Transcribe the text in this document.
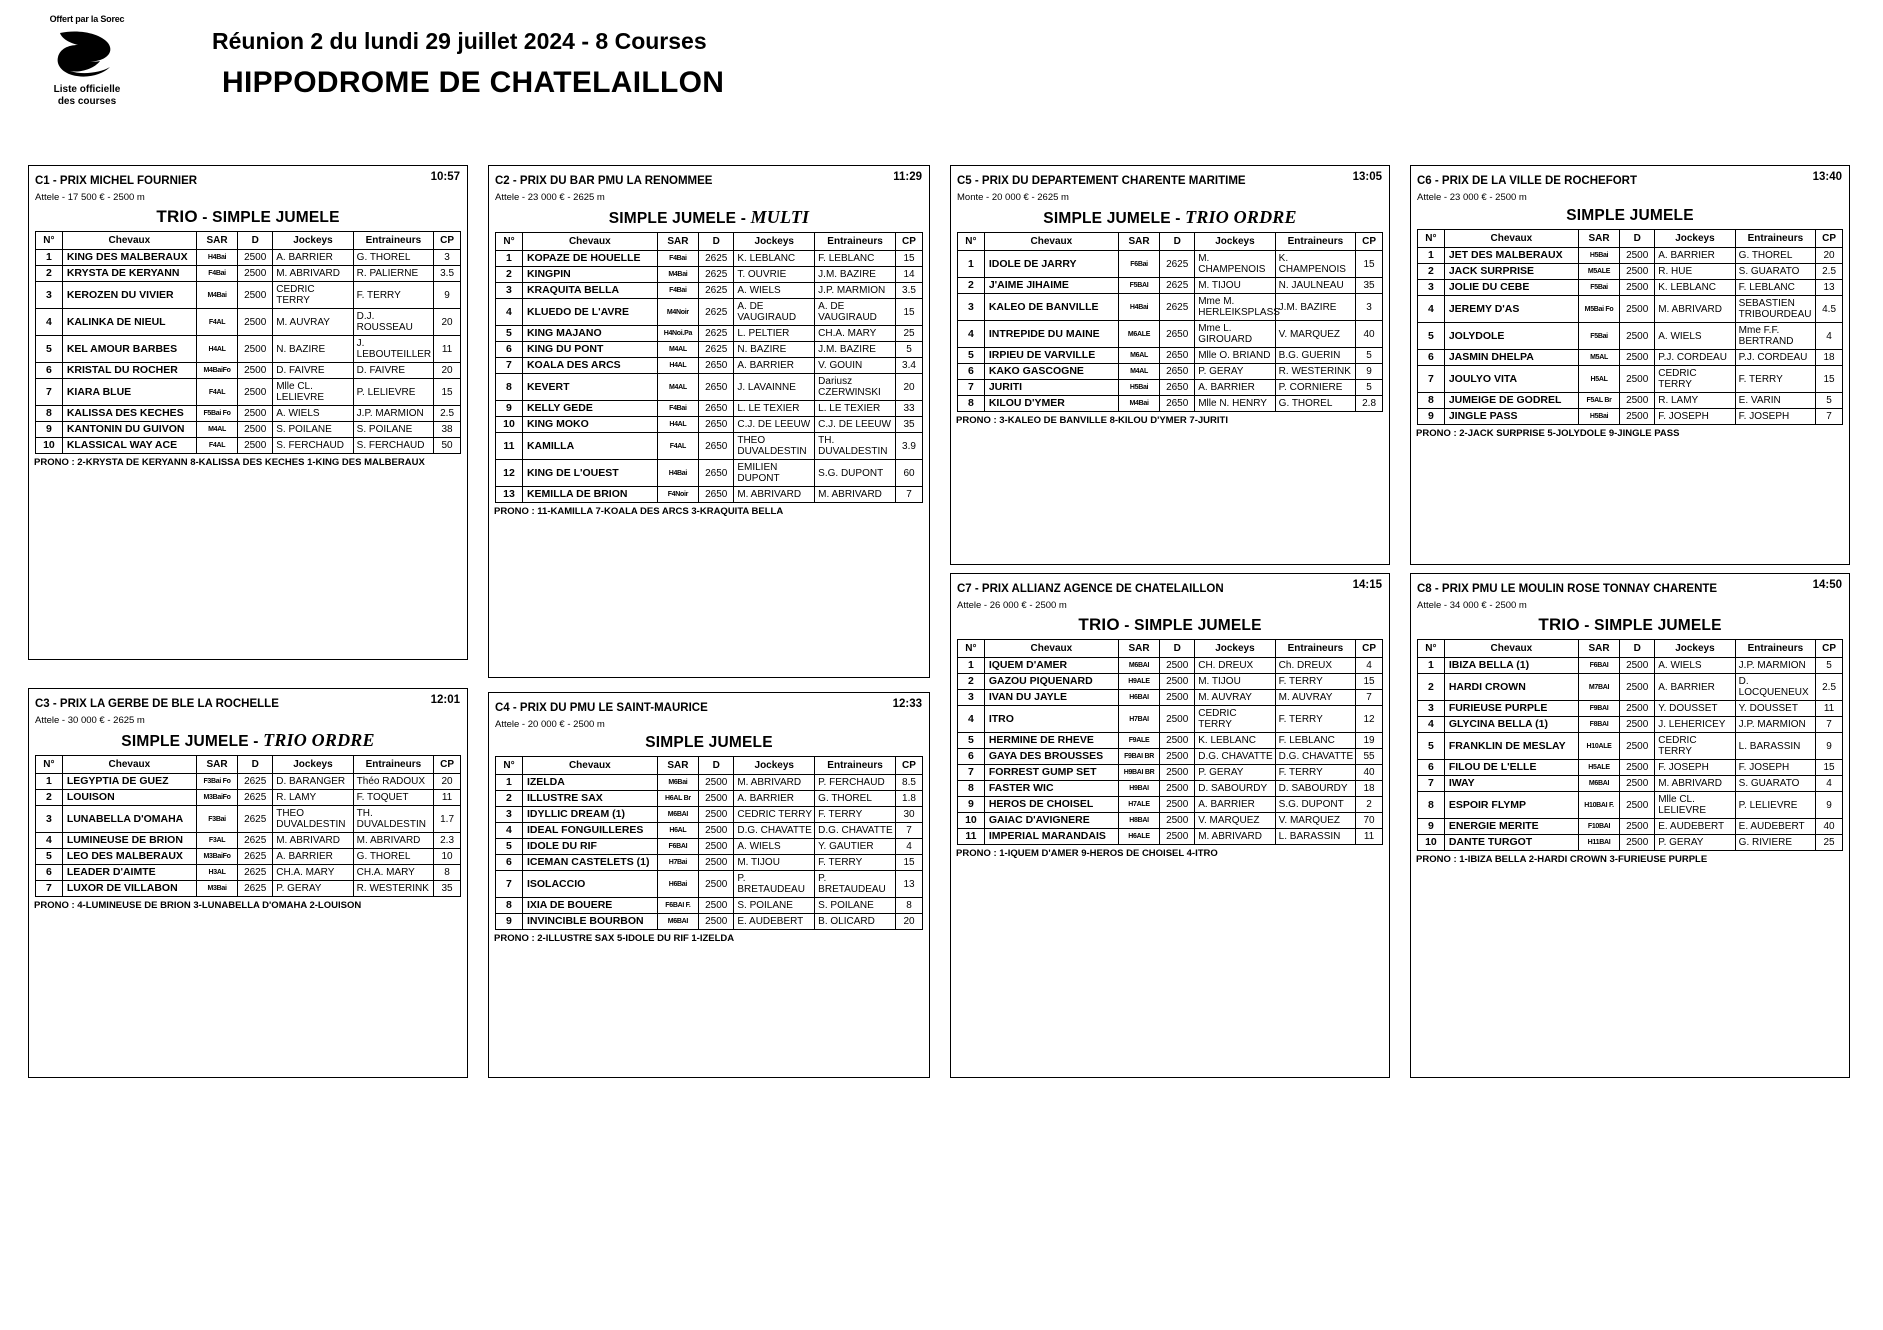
Offert par la Sorec
Liste officielle
des courses
Réunion 2 du lundi 29 juillet 2024 - 8 Courses
HIPPODROME DE CHATELAILLON
C1 - PRIX MICHEL FOURNIER	10:57
Attele - 17 500 € - 2500 m
TRIO - SIMPLE JUMELE
N°	Chevaux	SAR	D	Jockeys	Entraineurs	CP
1	KING DES MALBERAUX	H4Bai	2500	A. BARRIER	G. THOREL	3
2	KRYSTA DE KERYANN	F4Bai	2500	M. ABRIVARD	R. PALIERNE	3.5
3	KEROZEN DU VIVIER	M4Bai	2500	CEDRIC TERRY	F. TERRY	9
4	KALINKA DE NIEUL	F4AL	2500	M. AUVRAY	D.J. ROUSSEAU	20
5	KEL AMOUR BARBES	H4AL	2500	N. BAZIRE	J. LEBOUTEILLER	11
6	KRISTAL DU ROCHER	M4BaiFo	2500	D. FAIVRE	D. FAIVRE	20
7	KIARA BLUE	F4AL	2500	Mlle CL. LELIEVRE	P. LELIEVRE	15
8	KALISSA DES KECHES	F5Bai Fo	2500	A. WIELS	J.P. MARMION	2.5
9	KANTONIN DU GUIVON	M4AL	2500	S. POILANE	S. POILANE	38
10	KLASSICAL WAY ACE	F4AL	2500	S. FERCHAUD	S. FERCHAUD	50
PRONO : 2-KRYSTA DE KERYANN 8-KALISSA DES KECHES 1-KING DES MALBERAUX
C2 - PRIX DU BAR PMU LA RENOMMEE	11:29
Attele - 23 000 € - 2625 m
SIMPLE JUMELE - MULTI
N°	Chevaux	SAR	D	Jockeys	Entraineurs	CP
1	KOPAZE DE HOUELLE	F4Bai	2625	K. LEBLANC	F. LEBLANC	15
2	KINGPIN	M4Bai	2625	T. OUVRIE	J.M. BAZIRE	14
3	KRAQUITA BELLA	F4Bai	2625	A. WIELS	J.P. MARMION	3.5
4	KLUEDO DE L'AVRE	M4Noir	2625	A. DE VAUGIRAUD	A. DE VAUGIRAUD	15
5	KING MAJANO	H4Noi.Pa	2625	L. PELTIER	CH.A. MARY	25
6	KING DU PONT	M4AL	2625	N. BAZIRE	J.M. BAZIRE	5
7	KOALA DES ARCS	H4AL	2650	A. BARRIER	V. GOUIN	3.4
8	KEVERT	M4AL	2650	J. LAVAINNE	Dariusz CZERWINSKI	20
9	KELLY GEDE	F4Bai	2650	L. LE TEXIER	L. LE TEXIER	33
10	KING MOKO	H4AL	2650	C.J. DE LEEUW	C.J. DE LEEUW	35
11	KAMILLA	F4AL	2650	THEO DUVALDESTIN	TH. DUVALDESTIN	3.9
12	KING DE L'OUEST	H4Bai	2650	EMILIEN DUPONT	S.G. DUPONT	60
13	KEMILLA DE BRION	F4Noir	2650	M. ABRIVARD	M. ABRIVARD	7
PRONO : 11-KAMILLA 7-KOALA DES ARCS 3-KRAQUITA BELLA
C3 - PRIX LA GERBE DE BLE LA ROCHELLE	12:01
Attele - 30 000 € - 2625 m
SIMPLE JUMELE - TRIO ORDRE
N°	Chevaux	SAR	D	Jockeys	Entraineurs	CP
1	LEGYPTIA DE GUEZ	F3Bai Fo	2625	D. BARANGER	Théo RADOUX	20
2	LOUISON	M3BaiFo	2625	R. LAMY	F. TOQUET	11
3	LUNABELLA D'OMAHA	F3Bai	2625	THEO DUVALDESTIN	TH. DUVALDESTIN	1.7
4	LUMINEUSE DE BRION	F3AL	2625	M. ABRIVARD	M. ABRIVARD	2.3
5	LEO DES MALBERAUX	M3BaiFo	2625	A. BARRIER	G. THOREL	10
6	LEADER D'AIMTE	H3AL	2625	CH.A. MARY	CH.A. MARY	8
7	LUXOR DE VILLABON	M3Bai	2625	P. GERAY	R. WESTERINK	35
PRONO : 4-LUMINEUSE DE BRION 3-LUNABELLA D'OMAHA 2-LOUISON
C4 - PRIX DU PMU LE SAINT-MAURICE	12:33
Attele - 20 000 € - 2500 m
SIMPLE JUMELE
N°	Chevaux	SAR	D	Jockeys	Entraineurs	CP
1	IZELDA	M6Bai	2500	M. ABRIVARD	P. FERCHAUD	8.5
2	ILLUSTRE SAX	H6AL Br	2500	A. BARRIER	G. THOREL	1.8
3	IDYLLIC DREAM (1)	M6BAI	2500	CEDRIC TERRY	F. TERRY	30
4	IDEAL FONGUILLERES	H6AL	2500	D.G. CHAVATTE	D.G. CHAVATTE	7
5	IDOLE DU RIF	F6BAI	2500	A. WIELS	Y. GAUTIER	4
6	ICEMAN CASTELETS (1)	H7Bai	2500	M. TIJOU	F. TERRY	15
7	ISOLACCIO	H6Bai	2500	P. BRETAUDEAU	P. BRETAUDEAU	13
8	IXIA DE BOUERE	F6BAI F.	2500	S. POILANE	S. POILANE	8
9	INVINCIBLE BOURBON	M6BAI	2500	E. AUDEBERT	B. OLICARD	20
PRONO : 2-ILLUSTRE SAX 5-IDOLE DU RIF 1-IZELDA
C5 - PRIX DU DEPARTEMENT CHARENTE MARITIME	13:05
Monte - 20 000 € - 2625 m
SIMPLE JUMELE - TRIO ORDRE
N°	Chevaux	SAR	D	Jockeys	Entraineurs	CP
1	IDOLE DE JARRY	F6Bai	2625	M. CHAMPENOIS	K. CHAMPENOIS	15
2	J'AIME JIHAIME	F5BAI	2625	M. TIJOU	N. JAULNEAU	35
3	KALEO DE BANVILLE	H4Bai	2625	Mme M. HERLEIKSPLASS	J.M. BAZIRE	3
4	INTREPIDE DU MAINE	M6ALE	2650	Mme L. GIROUARD	V. MARQUEZ	40
5	IRPIEU DE VARVILLE	M6AL	2650	Mlle O. BRIAND	B.G. GUERIN	5
6	KAKO GASCOGNE	M4AL	2650	P. GERAY	R. WESTERINK	9
7	JURITI	H5Bai	2650	A. BARRIER	P. CORNIERE	5
8	KILOU D'YMER	M4Bai	2650	Mlle N. HENRY	G. THOREL	2.8
PRONO : 3-KALEO DE BANVILLE 8-KILOU D'YMER 7-JURITI
C6 - PRIX DE LA VILLE DE ROCHEFORT	13:40
Attele - 23 000 € - 2500 m
SIMPLE JUMELE
N°	Chevaux	SAR	D	Jockeys	Entraineurs	CP
1	JET DES MALBERAUX	H5Bai	2500	A. BARRIER	G. THOREL	20
2	JACK SURPRISE	M5ALE	2500	R. HUE	S. GUARATO	2.5
3	JOLIE DU CEBE	F5Bai	2500	K. LEBLANC	F. LEBLANC	13
4	JEREMY D'AS	M5Bai Fo	2500	M. ABRIVARD	SEBASTIEN TRIBOURDEAU	4.5
5	JOLYDOLE	F5Bai	2500	A. WIELS	Mme F.F. BERTRAND	4
6	JASMIN DHELPA	M5AL	2500	P.J. CORDEAU	P.J. CORDEAU	18
7	JOULYO VITA	H5AL	2500	CEDRIC TERRY	F. TERRY	15
8	JUMEIGE DE GODREL	F5AL Br	2500	R. LAMY	E. VARIN	5
9	JINGLE PASS	H5Bai	2500	F. JOSEPH	F. JOSEPH	7
PRONO : 2-JACK SURPRISE 5-JOLYDOLE 9-JINGLE PASS
C7 - PRIX ALLIANZ AGENCE DE CHATELAILLON	14:15
Attele - 26 000 € - 2500 m
TRIO - SIMPLE JUMELE
N°	Chevaux	SAR	D	Jockeys	Entraineurs	CP
1	IQUEM D'AMER	M6BAI	2500	CH. DREUX	Ch. DREUX	4
2	GAZOU PIQUENARD	H9ALE	2500	M. TIJOU	F. TERRY	15
3	IVAN DU JAYLE	H6BAI	2500	M. AUVRAY	M. AUVRAY	7
4	ITRO	H7BAI	2500	CEDRIC TERRY	F. TERRY	12
5	HERMINE DE RHEVE	F9ALE	2500	K. LEBLANC	F. LEBLANC	19
6	GAYA DES BROUSSES	F9BAI BR	2500	D.G. CHAVATTE	D.G. CHAVATTE	55
7	FORREST GUMP SET	H9BAI BR	2500	P. GERAY	F. TERRY	40
8	FASTER WIC	H9BAI	2500	D. SABOURDY	D. SABOURDY	18
9	HEROS DE CHOISEL	H7ALE	2500	A. BARRIER	S.G. DUPONT	2
10	GAIAC D'AVIGNERE	H8BAI	2500	V. MARQUEZ	V. MARQUEZ	70
11	IMPERIAL MARANDAIS	H6ALE	2500	M. ABRIVARD	L. BARASSIN	11
PRONO : 1-IQUEM D'AMER 9-HEROS DE CHOISEL 4-ITRO
C8 - PRIX PMU LE MOULIN ROSE TONNAY CHARENTE	14:50
Attele - 34 000 € - 2500 m
TRIO - SIMPLE JUMELE
N°	Chevaux	SAR	D	Jockeys	Entraineurs	CP
1	IBIZA BELLA (1)	F6BAI	2500	A. WIELS	J.P. MARMION	5
2	HARDI CROWN	M7BAI	2500	A. BARRIER	D. LOCQUENEUX	2.5
3	FURIEUSE PURPLE	F9BAI	2500	Y. DOUSSET	Y. DOUSSET	11
4	GLYCINA BELLA (1)	F8BAI	2500	J. LEHERICEY	J.P. MARMION	7
5	FRANKLIN DE MESLAY	H10ALE	2500	CEDRIC TERRY	L. BARASSIN	9
6	FILOU DE L'ELLE	H5ALE	2500	F. JOSEPH	F. JOSEPH	15
7	IWAY	M6BAI	2500	M. ABRIVARD	S. GUARATO	4
8	ESPOIR FLYMP	H10BAI F.	2500	Mlle CL. LELIEVRE	P. LELIEVRE	9
9	ENERGIE MERITE	F10BAI	2500	E. AUDEBERT	E. AUDEBERT	40
10	DANTE TURGOT	H11BAI	2500	P. GERAY	G. RIVIERE	25
PRONO : 1-IBIZA BELLA 2-HARDI CROWN 3-FURIEUSE PURPLE
